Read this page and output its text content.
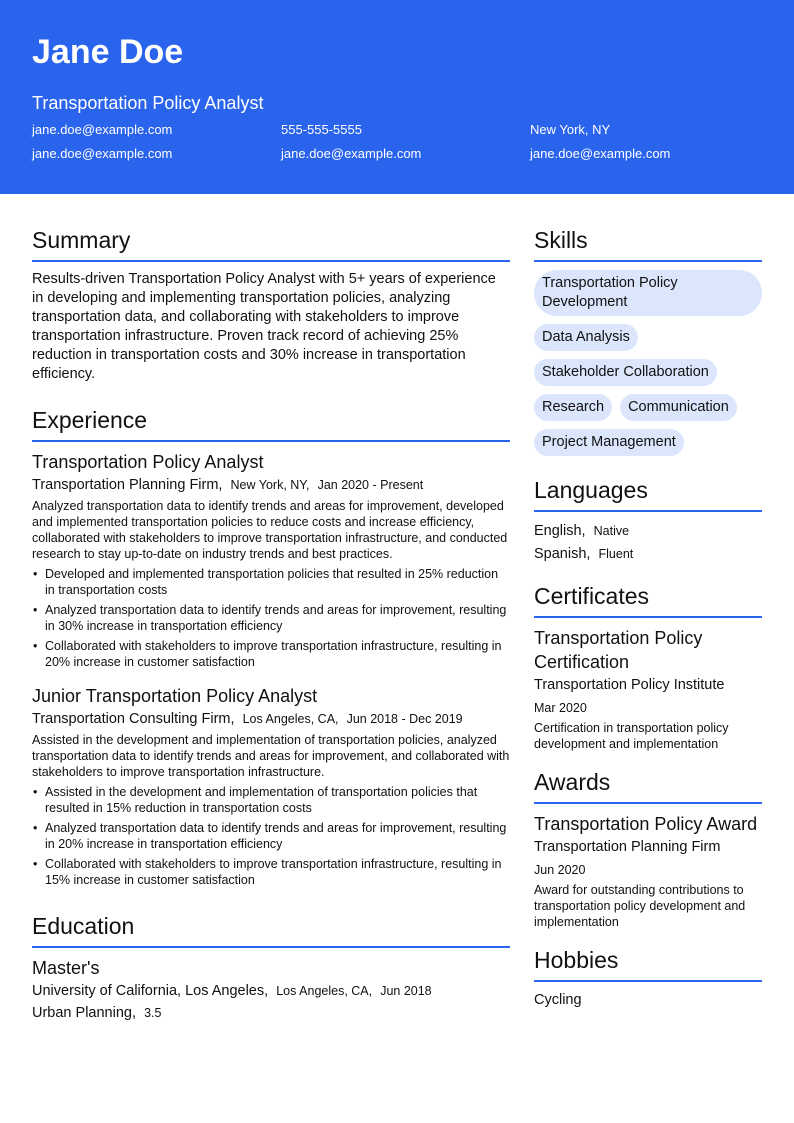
Jane Doe
Transportation Policy Analyst
jane.doe@example.com	555-555-5555	New York, NY
jane.doe@example.com	jane.doe@example.com	jane.doe@example.com
Summary

Results-driven Transportation Policy Analyst with 5+ years of experience in developing and implementing transportation policies, analyzing transportation data, and collaborating with stakeholders to improve transportation infrastructure. Proven track record of achieving 25% reduction in transportation costs and 30% increase in transportation efficiency.

Experience
Transportation Policy Analyst
Transportation Planning Firm, New York, NY, Jan 2020 - Present

Analyzed transportation data to identify trends and areas for improvement, developed and implemented transportation policies to reduce costs and increase efficiency, collaborated with stakeholders to improve transportation infrastructure, and conducted research to stay up-to-date on industry trends and best practices.

• Developed and implemented transportation policies that resulted in 25% reduction in transportation costs
• Analyzed transportation data to identify trends and areas for improvement, resulting in 30% increase in transportation efficiency
• Collaborated with stakeholders to improve transportation infrastructure, resulting in 20% increase in customer satisfaction
Junior Transportation Policy Analyst
Transportation Consulting Firm, Los Angeles, CA, Jun 2018 - Dec 2019

Assisted in the development and implementation of transportation policies, analyzed transportation data to identify trends and areas for improvement, and collaborated with stakeholders to improve transportation infrastructure.

• Assisted in the development and implementation of transportation policies that resulted in 15% reduction in transportation costs
• Analyzed transportation data to identify trends and areas for improvement, resulting in 20% increase in transportation efficiency
• Collaborated with stakeholders to improve transportation infrastructure, resulting in 15% increase in customer satisfaction
Education
Master's
University of California, Los Angeles, Los Angeles, CA, Jun 2018
Urban Planning, 3.5
Skills
Transportation Policy Development
Data Analysis
Stakeholder Collaboration
Research	Communication
Project Management
Languages
English, Native
Spanish, Fluent
Certificates
Transportation Policy Certification
Transportation Policy Institute
Mar 2020
Certification in transportation policy development and implementation
Awards
Transportation Policy Award
Transportation Planning Firm
Jun 2020
Award for outstanding contributions to transportation policy development and implementation
Hobbies
Cycling
